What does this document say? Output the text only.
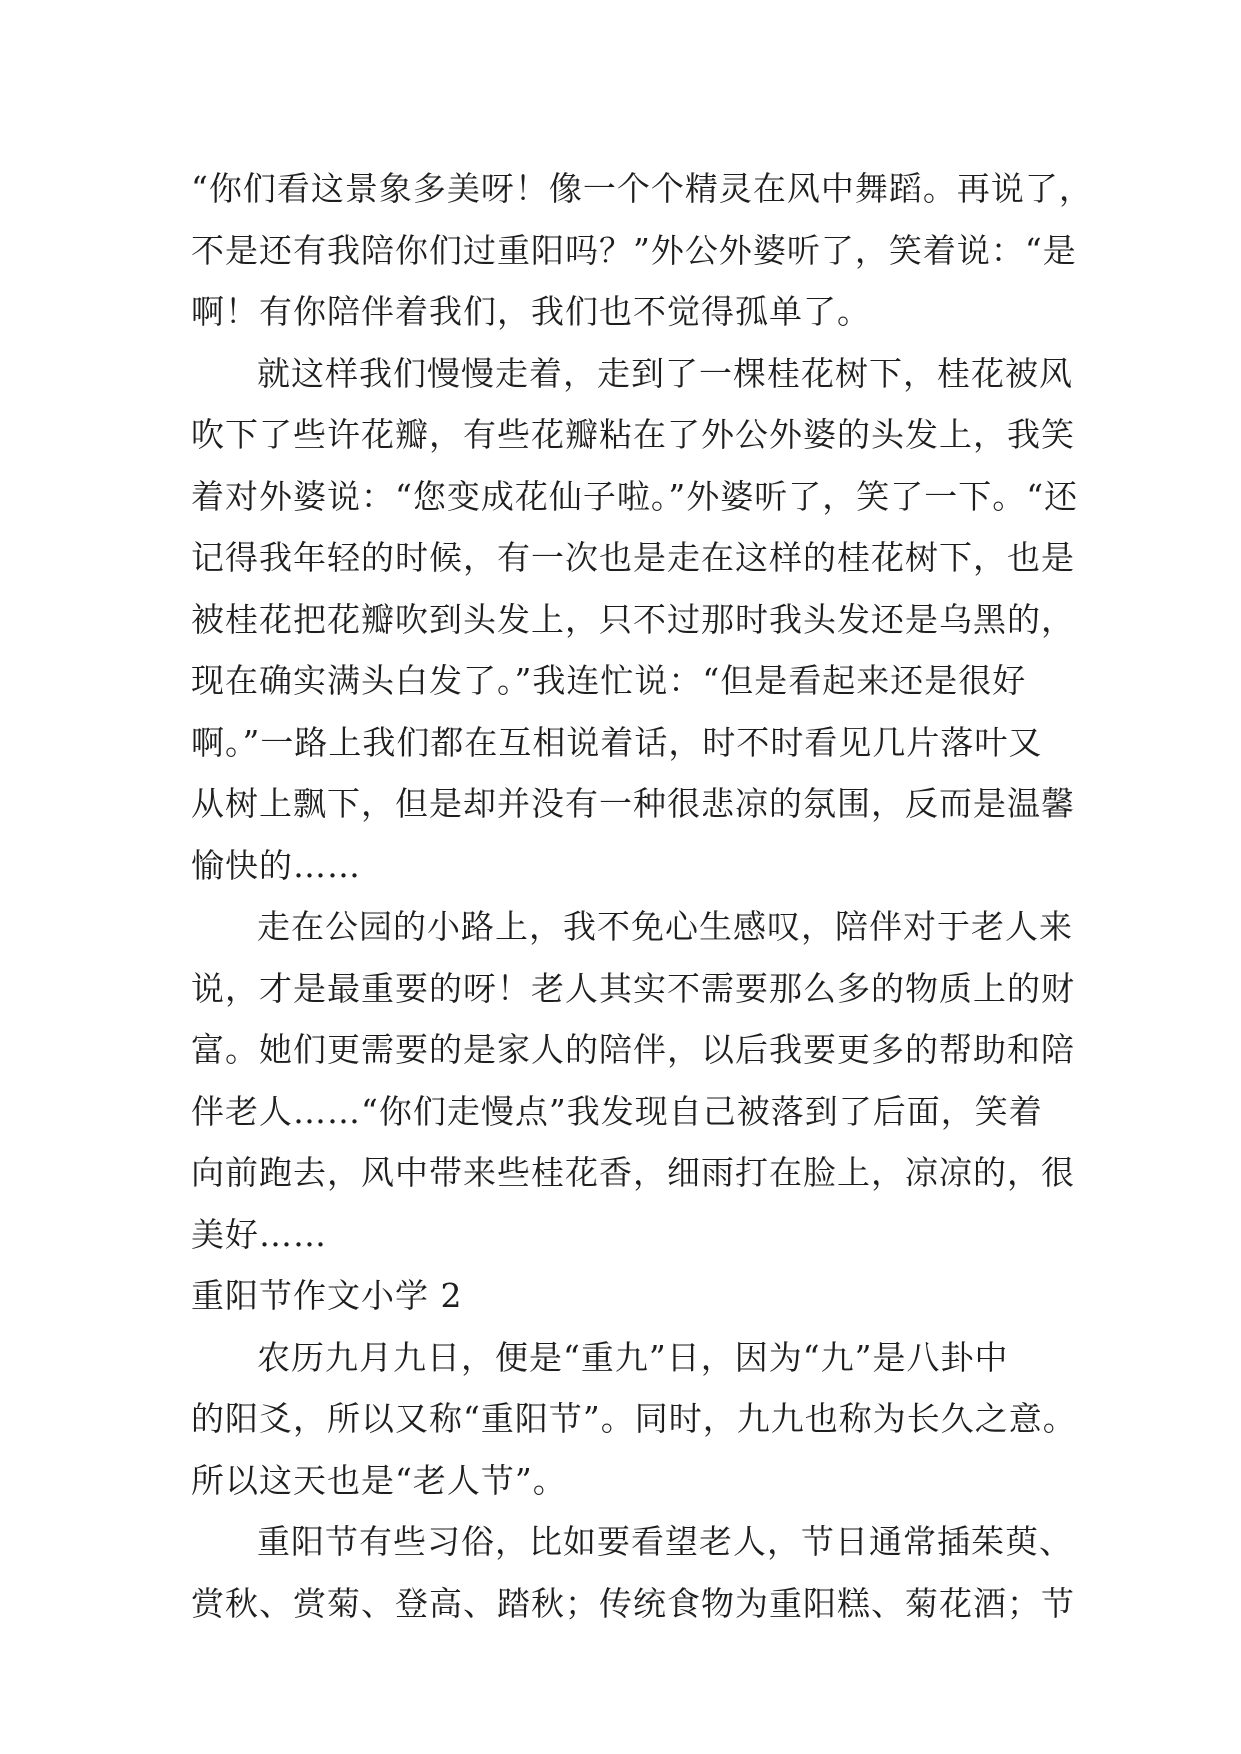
“你们看这景象多美呀！像一个个精灵在风中舞蹈。再说了，
不是还有我陪你们过重阳吗？”外公外婆听了，笑着说：“是
啊！有你陪伴着我们，我们也不觉得孤单了。
就这样我们慢慢走着，走到了一棵桂花树下，桂花被风
吹下了些许花瓣，有些花瓣粘在了外公外婆的头发上，我笑
着对外婆说：“您变成花仙子啦。”外婆听了，笑了一下。“还
记得我年轻的时候，有一次也是走在这样的桂花树下，也是
被桂花把花瓣吹到头发上，只不过那时我头发还是乌黑的，
现在确实满头白发了。”我连忙说：“但是看起来还是很好
啊。”一路上我们都在互相说着话，时不时看见几片落叶又
从树上飘下，但是却并没有一种很悲凉的氛围，反而是温馨
愉快的……
走在公园的小路上，我不免心生感叹，陪伴对于老人来
说，才是最重要的呀！老人其实不需要那么多的物质上的财
富。她们更需要的是家人的陪伴，以后我要更多的帮助和陪
伴老人……“你们走慢点”我发现自己被落到了后面，笑着
向前跑去，风中带来些桂花香，细雨打在脸上，凉凉的，很
美好……
重阳节作文小学 2
农历九月九日，便是“重九”日，因为“九”是八卦中
的阳爻，所以又称“重阳节”。同时，九九也称为长久之意。
所以这天也是“老人节”。
重阳节有些习俗，比如要看望老人，节日通常插茱萸、
赏秋、赏菊、登高、踏秋；传统食物为重阳糕、菊花酒；节
